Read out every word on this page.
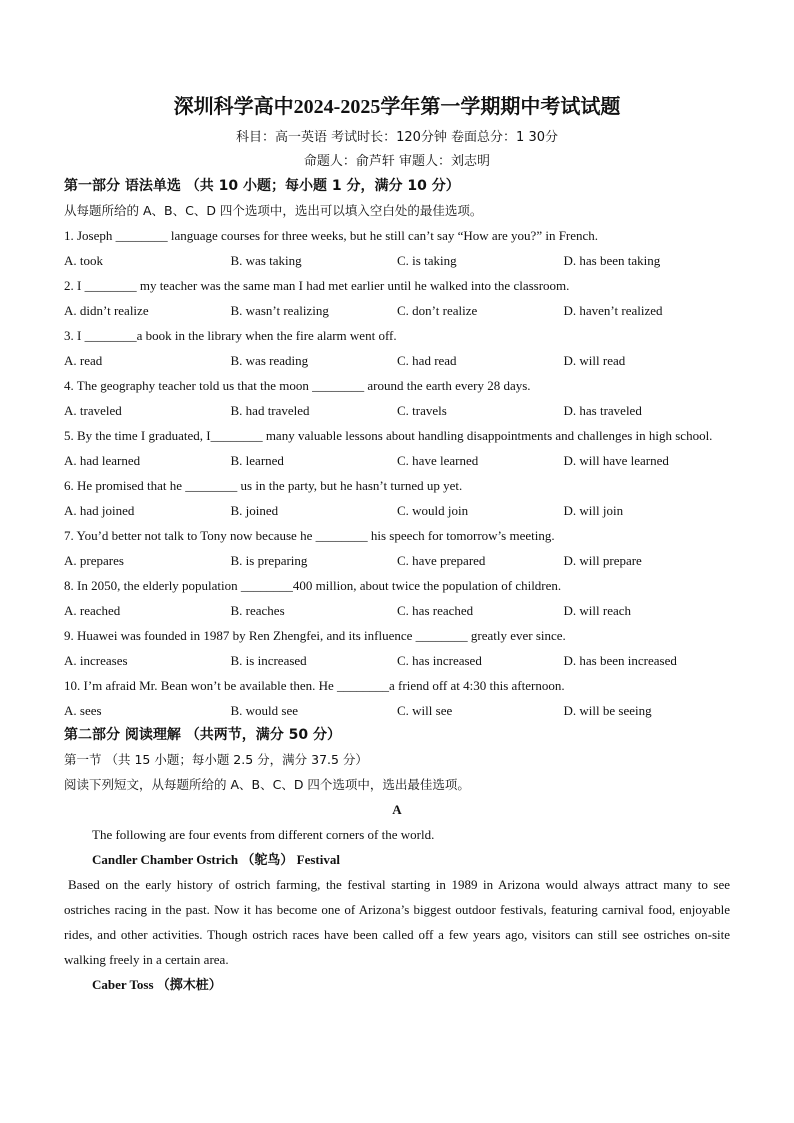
深圳科学高中2024-2025学年第一学期期中考试试题
科目：高一英语 考试时长：120分钟 卷面总分：1 30分
命题人：俞芦轩 审题人：刘志明
第一部分 语法单选 （共 10 小题；每小题 1 分，满分 10 分）
从每题所给的 A、B、C、D 四个选项中，选出可以填入空白处的最佳选项。
1. Joseph ________ language courses for three weeks, but he still can’t say “How are you?” in French.
A. took	B. was taking	C. is taking	D. has been taking
2. I ________ my teacher was the same man I had met earlier until he walked into the classroom.
A. didn’t realize	B. wasn’t realizing	C. don’t realize	D. haven’t realized
3. I ________a book in the library when the fire alarm went off.
A. read	B. was reading	C. had read	D. will read
4. The geography teacher told us that the moon ________ around the earth every 28 days.
A. traveled	B. had traveled	C. travels	D. has traveled
5. By the time I graduated, I________ many valuable lessons about handling disappointments and challenges in high school.
A. had learned	B. learned	C. have learned	D. will have learned
6. He promised that he ________ us in the party, but he hasn’t turned up yet.
A. had joined	B. joined	C. would join	D. will join
7. You’d better not talk to Tony now because he ________ his speech for tomorrow’s meeting.
A. prepares	B. is preparing	C. have prepared	D. will prepare
8. In 2050, the elderly population ________400 million, about twice the population of children.
A. reached	B. reaches	C. has reached	D. will reach
9. Huawei was founded in 1987 by Ren Zhengfei, and its influence ________ greatly ever since.
A. increases	B. is increased	C. has increased	D. has been increased
10. I’m afraid Mr. Bean won’t be available then. He ________a friend off at 4:30 this afternoon.
A. sees	B. would see	C. will see	D. will be seeing
第二部分 阅读理解 （共两节，满分 50 分）
第一节 （共 15 小题；每小题 2.5 分，满分 37.5 分）
阅读下列短文，从每题所给的 A、B、C、D 四个选项中，选出最佳选项。
A
The following are four events from different corners of the world.
Candler Chamber Ostrich （鸵鸟） Festival
Based on the early history of ostrich farming, the festival starting in 1989 in Arizona would always attract many to see ostriches racing in the past. Now it has become one of Arizona’s biggest outdoor festivals, featuring carnival food, enjoyable rides, and other activities. Though ostrich races have been called off a few years ago, visitors can still see ostriches on-site walking freely in a certain area.
Caber Toss （掷木桩）
